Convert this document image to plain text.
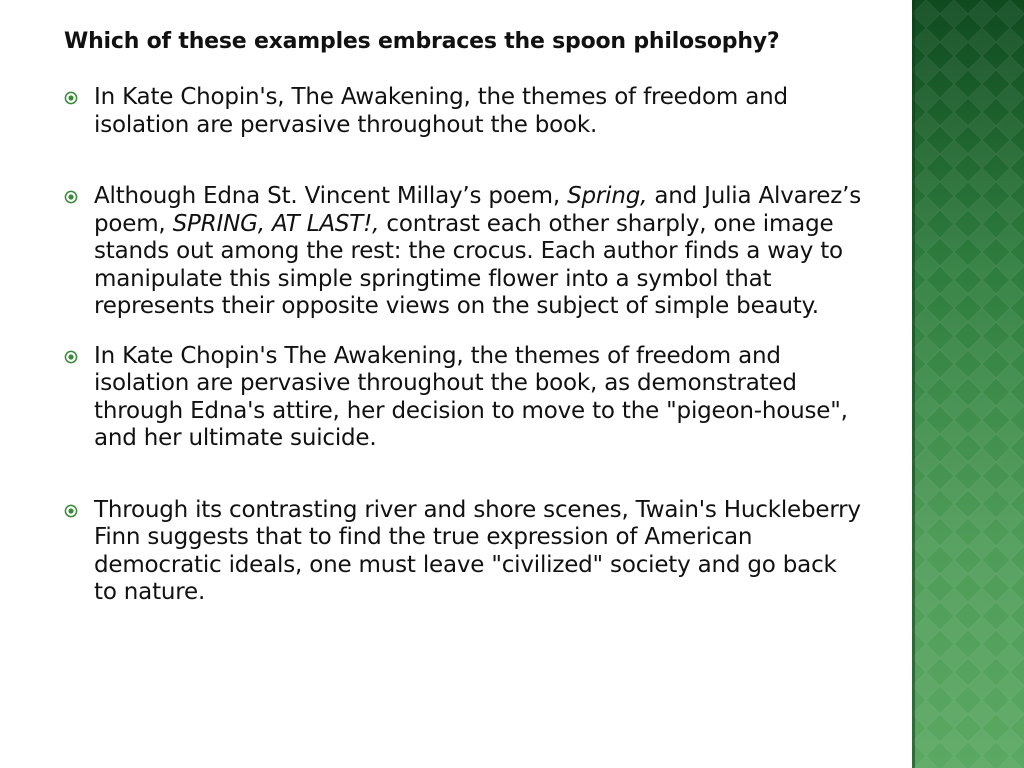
Which of these examples embraces the spoon philosophy?

In Kate Chopin's, The Awakening, the themes of freedom and isolation are pervasive throughout the book.

Although Edna St. Vincent Millay’s poem, Spring, and Julia Alvarez’s poem, SPRING, AT LAST!, contrast each other sharply, one image stands out among the rest: the crocus. Each author finds a way to manipulate this simple springtime flower into a symbol that represents their opposite views on the subject of simple beauty.

In Kate Chopin's The Awakening, the themes of freedom and isolation are pervasive throughout the book, as demonstrated through Edna's attire, her decision to move to the "pigeon-house", and her ultimate suicide.

Through its contrasting river and shore scenes, Twain's Huckleberry Finn suggests that to find the true expression of American democratic ideals, one must leave "civilized" society and go back to nature.
